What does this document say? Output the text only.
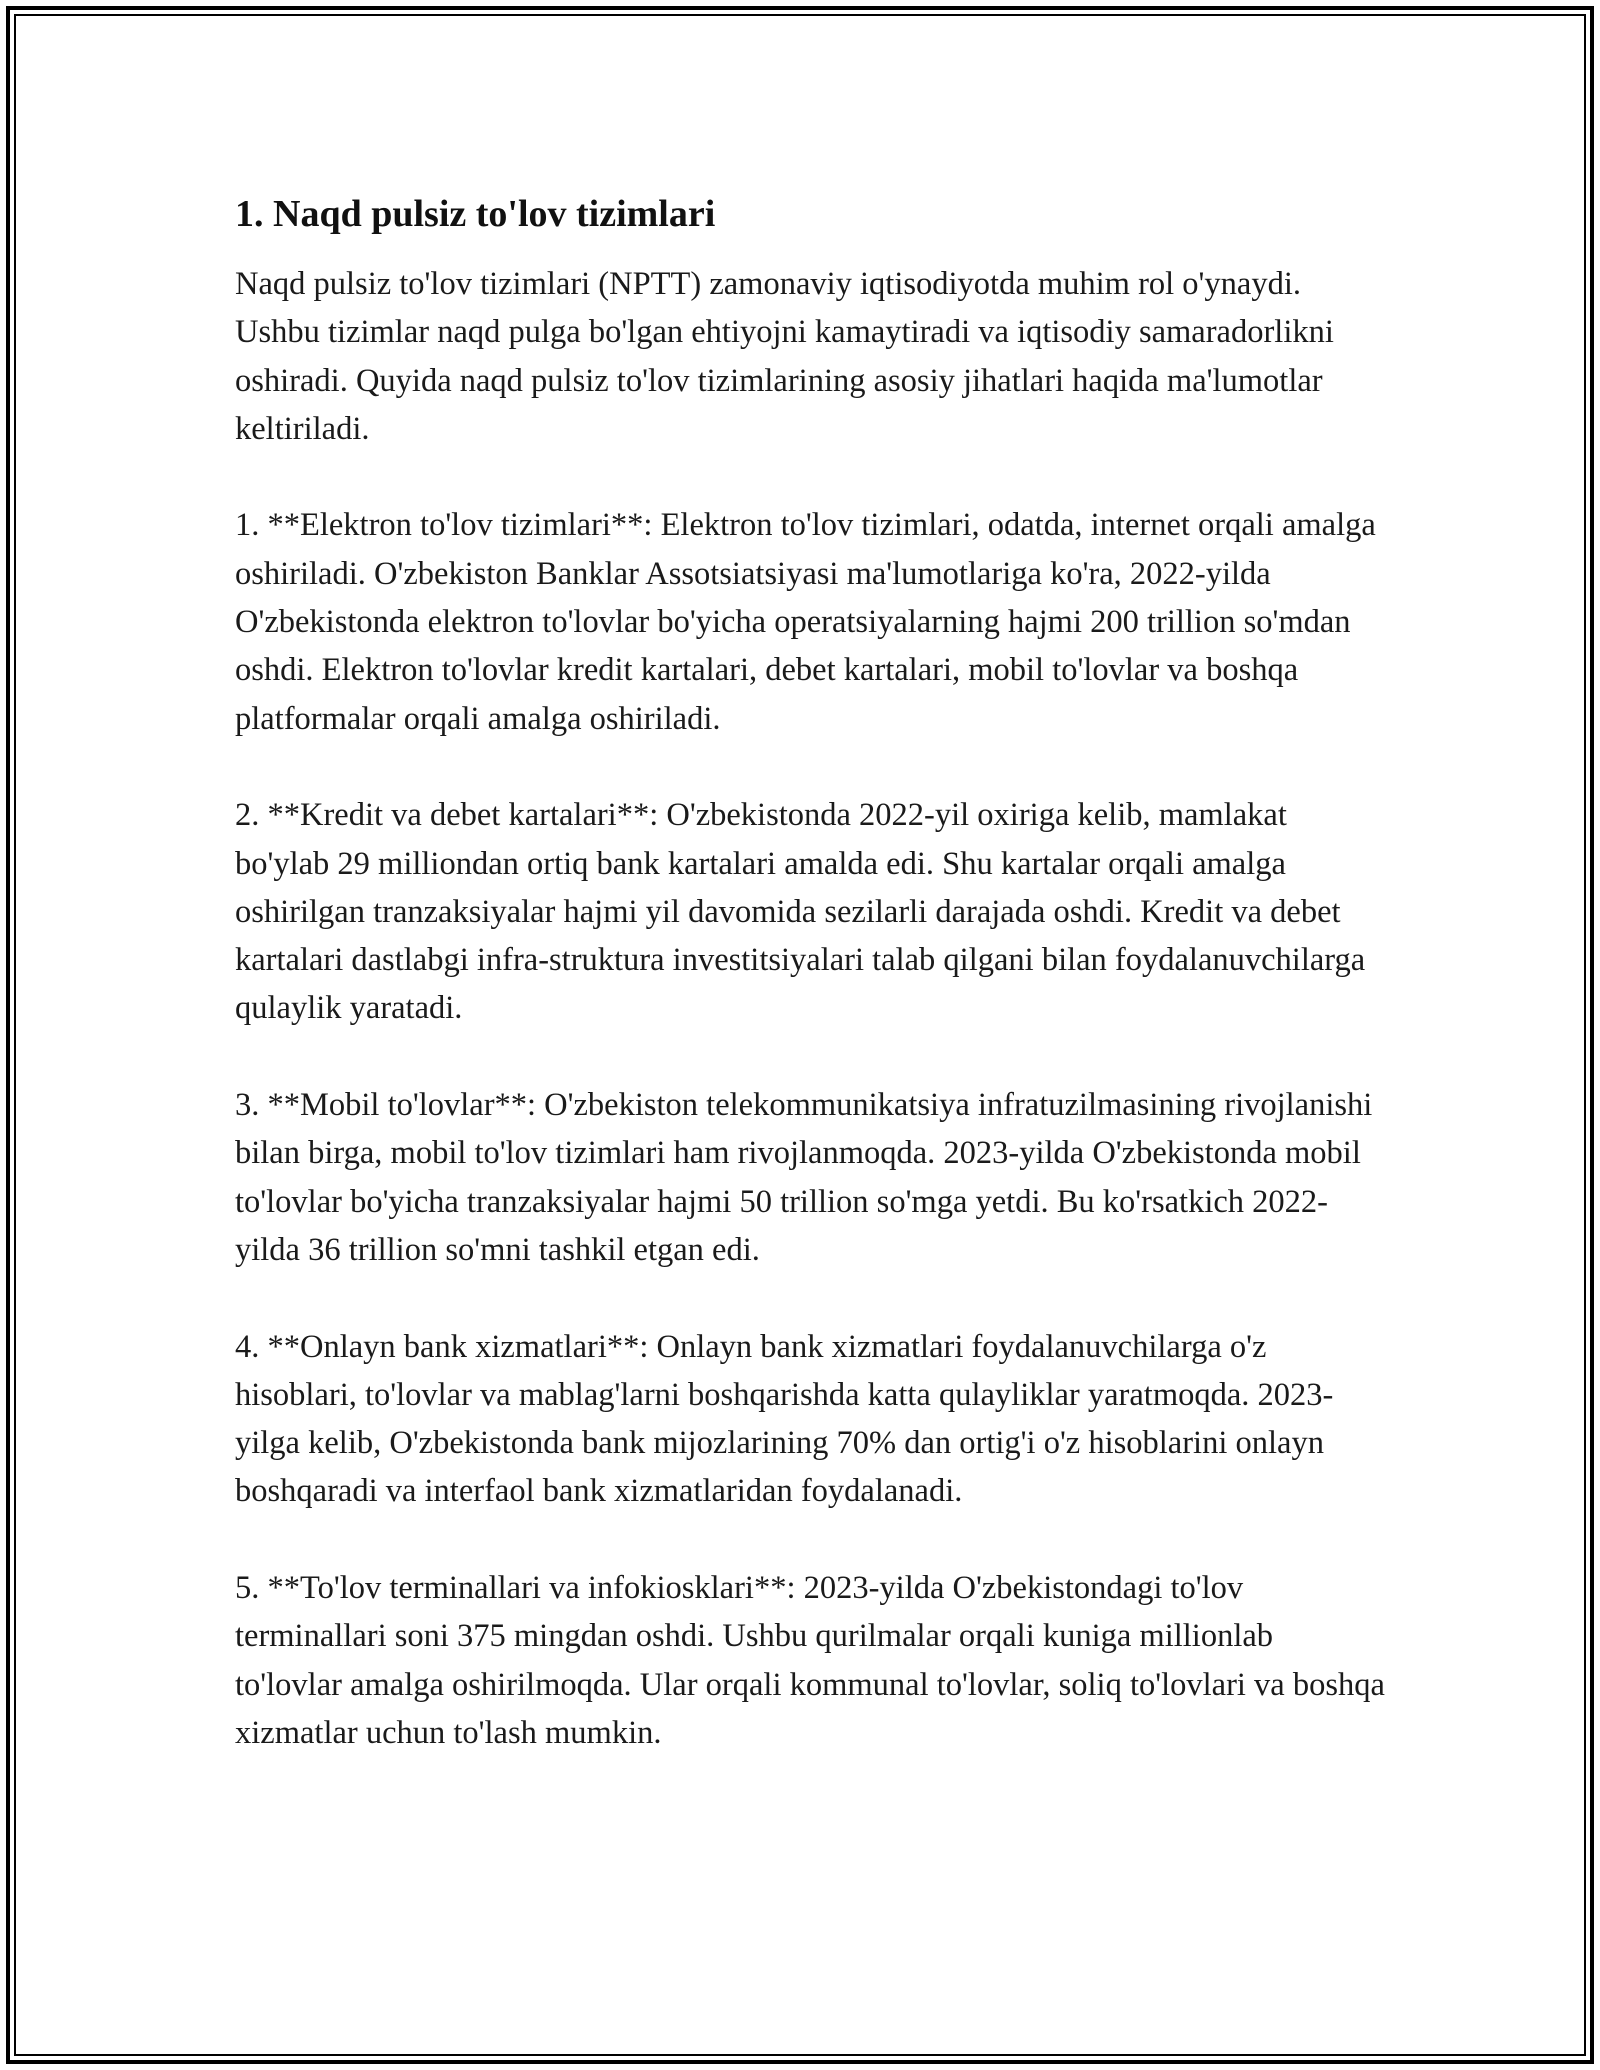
1. Naqd pulsiz to'lov tizimlari

Naqd pulsiz to'lov tizimlari (NPTT) zamonaviy iqtisodiyotda muhim rol o'ynaydi. Ushbu tizimlar naqd pulga bo'lgan ehtiyojni kamaytiradi va iqtisodiy samaradorlikni oshiradi. Quyida naqd pulsiz to'lov tizimlarining asosiy jihatlari haqida ma'lumotlar keltiriladi.

1. **Elektron to'lov tizimlari**: Elektron to'lov tizimlari, odatda, internet orqali amalga oshiriladi. O'zbekiston Banklar Assotsiatsiyasi ma'lumotlariga ko'ra, 2022-yilda O'zbekistonda elektron to'lovlar bo'yicha operatsiyalarning hajmi 200 trillion so'mdan oshdi. Elektron to'lovlar kredit kartalari, debet kartalari, mobil to'lovlar va boshqa platformalar orqali amalga oshiriladi.

2. **Kredit va debet kartalari**: O'zbekistonda 2022-yil oxiriga kelib, mamlakat bo'ylab 29 milliondan ortiq bank kartalari amalda edi. Shu kartalar orqali amalga oshirilgan tranzaksiyalar hajmi yil davomida sezilarli darajada oshdi. Kredit va debet kartalari dastlabgi infra-struktura investitsiyalari talab qilgani bilan foydalanuvchilarga qulaylik yaratadi.

3. **Mobil to'lovlar**: O'zbekiston telekommunikatsiya infratuzilmasining rivojlanishi bilan birga, mobil to'lov tizimlari ham rivojlanmoqda. 2023-yilda O'zbekistonda mobil to'lovlar bo'yicha tranzaksiyalar hajmi 50 trillion so'mga yetdi. Bu ko'rsatkich 2022-yilda 36 trillion so'mni tashkil etgan edi.

4. **Onlayn bank xizmatlari**: Onlayn bank xizmatlari foydalanuvchilarga o'z hisoblari, to'lovlar va mablag'larni boshqarishda katta qulayliklar yaratmoqda. 2023-yilga kelib, O'zbekistonda bank mijozlarining 70% dan ortig'i o'z hisoblarini onlayn boshqaradi va interfaol bank xizmatlaridan foydalanadi.

5. **To'lov terminallari va infokiosklari**: 2023-yilda O'zbekistondagi to'lov terminallari soni 375 mingdan oshdi. Ushbu qurilmalar orqali kuniga millionlab to'lovlar amalga oshirilmoqda. Ular orqali kommunal to'lovlar, soliq to'lovlari va boshqa xizmatlar uchun to'lash mumkin.
